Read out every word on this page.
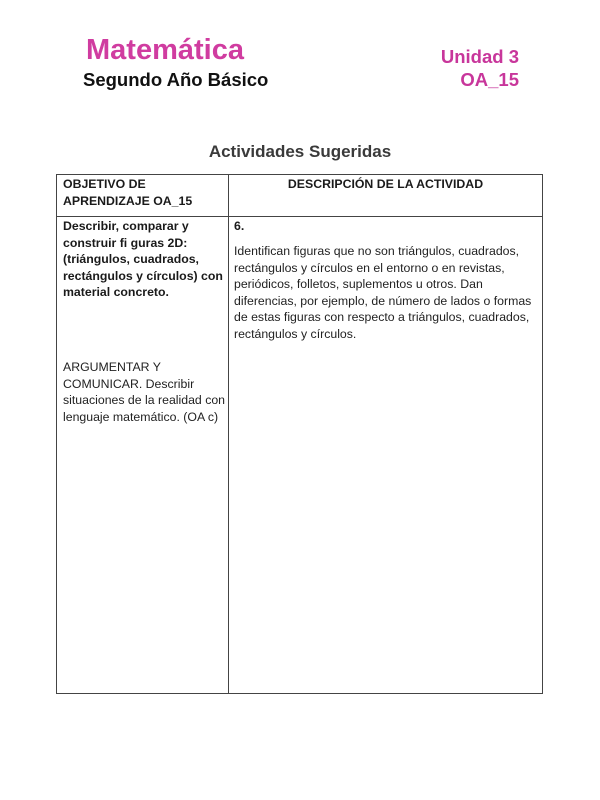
Matemática
Segundo Año Básico
Unidad 3
OA_15
Actividades Sugeridas
OBJETIVO DE APRENDIZAJE OA_15
DESCRIPCIÓN DE LA ACTIVIDAD
Describir, comparar y construir fi guras 2D: (triángulos, cuadrados, rectángulos y círculos) con material concreto.
ARGUMENTAR Y COMUNICAR. Describir situaciones de la realidad con lenguaje matemático. (OA c)
6.
Identifican figuras que no son triángulos, cuadrados, rectángulos y círculos en el entorno o en revistas, periódicos, folletos, suplementos u otros. Dan diferencias, por ejemplo, de número de lados o formas de estas figuras con respecto a triángulos, cuadrados, rectángulos y círculos.
